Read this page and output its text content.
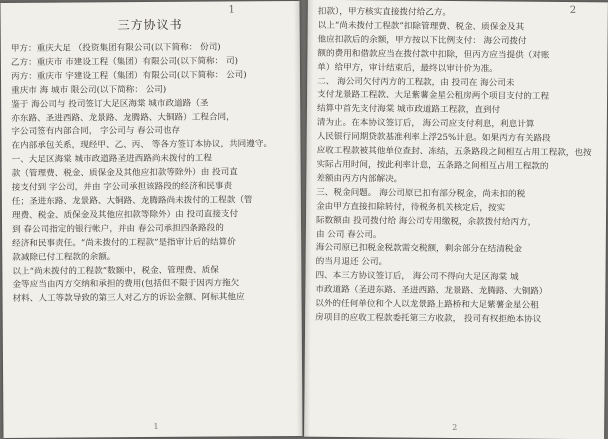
1
三方协议书
甲方：重庆大足 （投资集团有限公司(以下简称： 份司)
乙方：重庆市 市建设工程（集团）有限公司(以下简称： 司)
丙方：重庆市 宇建设工程（集团）有限公司(以下简称： 公司)
重庆市 海 城市 限公司(以下简称： 公司)
鉴于 海公司与 投司签订大足区海棠 城市政道路（圣
亦东路、圣进西路、龙景路、龙腾路、大铜路）工程合同，
字公司签有内部合同， 字公司与 春公司也存
在内部承包关系，现经甲、乙、丙、 等各方签订本协议，共同遵守。
一、大足区海棠 城市政道路圣进西路尚未拨付的工程
款（管理费、税金、质保金及其他应扣款等除外）由 投司直
接支付到 字公司，并由 字公司承担该路段的经济和民事责
任；圣进东路、龙景路、大铜路、龙腾路尚未拨付的工程款（管
理费、税金、质保金及其他应扣款等除外）由 投司直接支付
到 春公司指定的银行帐户，并由 春公司承担四条路段的
经济和民事责任。“尚未拨付的工程款”是指审计后的结算价
款减除已付工程款的余额。
以上“尚未拨付的工程款”数额中，税金、管理费、质保
金等应当由丙方交纳和承担的费用(包括但不限于因丙方拖欠
材料、人工等款导致的第三人对乙方的诉讼金额、阿标其他应
1
2
扣款），甲方核实直接拨付给乙方。
以上“尚未拨付工程款”扣除管理费、税金、质保金及其
他应扣款后的余额，甲方按以下比例支付： 海公司拨付
额的费用和借款应当在拨付款中扣除，但丙方应当提供（对账
单）给甲方，审计结束后，最终以审计价为准。
二、 海公司欠付丙方的工程款，由 投司在 海公司未
支付龙景路工程款、大足紫薯金星公租房两个项目支付的工程
结算中首先支付海棠 城市政道路工程款，直到付
清为止。在本协议签订后， 海公司应支付利息，利息计算
人民银行同期贷款基准利率上浮25%计息。如果丙方有关路段
应收工程款被其他单位查封、冻结，五条路段之间相互占用工程款，也按
实际占用时间，按此利率计息，五条路之间相互占用工程款的
差额由丙方内部解决。
三、税金问题。 海公司原已扣有部分税金，尚未扣的税
金由甲方直接扣除转付，待税务机关核定后，按实
际数额由 投司拨付给 海公司专用缴税，余款拨付给丙方，
由 公司 春公司。
海公司原已扣税金税款需交税额，剩余部分在结清税金
的当月退还 公司。
四、本三方协议签订后， 海公司不得向大足区海棠 城
市政道路（圣进东路、圣进西路、龙景路、龙腾路、大铜路）
以外的任何单位和个人以龙景路上路桥和大足紫薯金星公租
房项目的应收工程款委托第三方收款， 投司有权拒绝本协议
2
